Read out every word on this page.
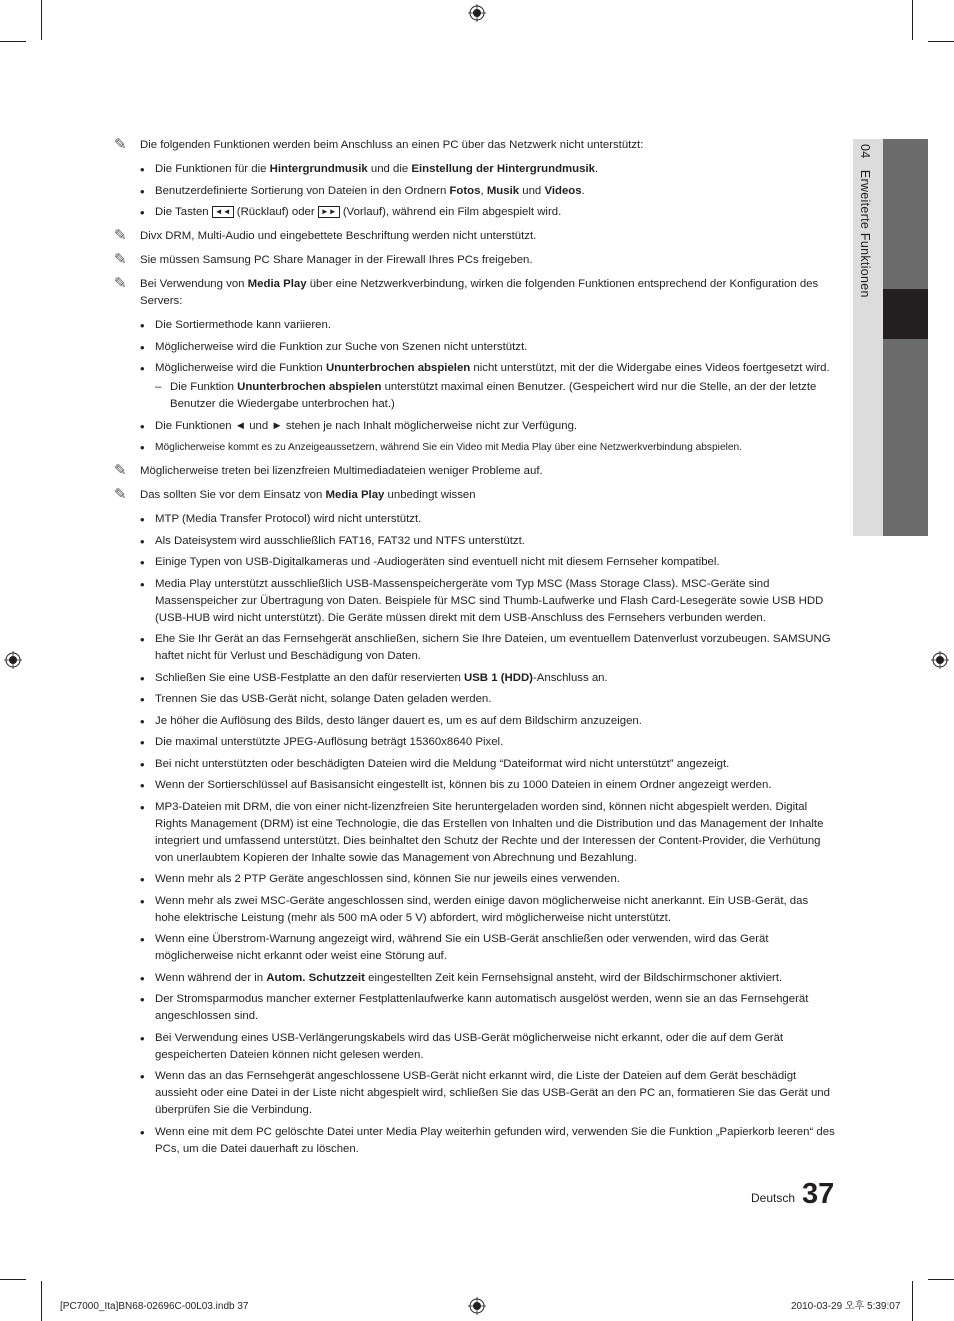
04   Erweiterte Funktionen
✎ Die folgenden Funktionen werden beim Anschluss an einen PC über das Netzwerk nicht unterstützt:
• Die Funktionen für die Hintergrundmusik und die Einstellung der Hintergrundmusik.
• Benutzerdefinierte Sortierung von Dateien in den Ordnern Fotos, Musik und Videos.
• Die Tasten ◄◄ (Rücklauf) oder ►► (Vorlauf), während ein Film abgespielt wird.
✎ Divx DRM, Multi-Audio und eingebettete Beschriftung werden nicht unterstützt.
✎ Sie müssen Samsung PC Share Manager in der Firewall Ihres PCs freigeben.
✎ Bei Verwendung von Media Play über eine Netzwerkverbindung, wirken die folgenden Funktionen entsprechend der Konfiguration des Servers:
• Die Sortiermethode kann variieren.
• Möglicherweise wird die Funktion zur Suche von Szenen nicht unterstützt.
• Möglicherweise wird die Funktion Ununterbrochen abspielen nicht unterstützt, mit der die Widergabe eines Videos foertgesetzt wird.
– Die Funktion Ununterbrochen abspielen unterstützt maximal einen Benutzer. (Gespeichert wird nur die Stelle, an der der letzte Benutzer die Wiedergabe unterbrochen hat.)
• Die Funktionen ◄ und ► stehen je nach Inhalt möglicherweise nicht zur Verfügung.
• Möglicherweise kommt es zu Anzeigeaussetzern, während Sie ein Video mit Media Play über eine Netzwerkverbindung abspielen.
✎ Möglicherweise treten bei lizenzfreien Multimediadateien weniger Probleme auf.
✎ Das sollten Sie vor dem Einsatz von Media Play unbedingt wissen
• MTP (Media Transfer Protocol) wird nicht unterstützt.
• Als Dateisystem wird ausschließlich FAT16, FAT32 und NTFS unterstützt.
• Einige Typen von USB-Digitalkameras und -Audiogeräten sind eventuell nicht mit diesem Fernseher kompatibel.
• Media Play unterstützt ausschließlich USB-Massenspeichergeräte vom Typ MSC (Mass Storage Class). MSC-Geräte sind Massenspeicher zur Übertragung von Daten. Beispiele für MSC sind Thumb-Laufwerke und Flash Card-Lesegeräte sowie USB HDD (USB-HUB wird nicht unterstützt). Die Geräte müssen direkt mit dem USB-Anschluss des Fernsehers verbunden werden.
• Ehe Sie Ihr Gerät an das Fernsehgerät anschließen, sichern Sie Ihre Dateien, um eventuellem Datenverlust vorzubeugen. SAMSUNG haftet nicht für Verlust und Beschädigung von Daten.
• Schließen Sie eine USB-Festplatte an den dafür reservierten USB 1 (HDD)-Anschluss an.
• Trennen Sie das USB-Gerät nicht, solange Daten geladen werden.
• Je höher die Auflösung des Bilds, desto länger dauert es, um es auf dem Bildschirm anzuzeigen.
• Die maximal unterstützte JPEG-Auflösung beträgt 15360x8640 Pixel.
• Bei nicht unterstützten oder beschädigten Dateien wird die Meldung “Dateiformat wird nicht unterstützt” angezeigt.
• Wenn der Sortierschlüssel auf Basisansicht eingestellt ist, können bis zu 1000 Dateien in einem Ordner angezeigt werden.
• MP3-Dateien mit DRM, die von einer nicht-lizenzfreien Site heruntergeladen worden sind, können nicht abgespielt werden. Digital Rights Management (DRM) ist eine Technologie, die das Erstellen von Inhalten und die Distribution und das Management der Inhalte integriert und umfassend unterstützt. Dies beinhaltet den Schutz der Rechte und der Interessen der Content-Provider, die Verhütung von unerlaubtem Kopieren der Inhalte sowie das Management von Abrechnung und Bezahlung.
• Wenn mehr als 2 PTP Geräte angeschlossen sind, können Sie nur jeweils eines verwenden.
• Wenn mehr als zwei MSC-Geräte angeschlossen sind, werden einige davon möglicherweise nicht anerkannt. Ein USB-Gerät, das hohe elektrische Leistung (mehr als 500 mA oder 5 V) abfordert, wird möglicherweise nicht unterstützt.
• Wenn eine Überstrom-Warnung angezeigt wird, während Sie ein USB-Gerät anschließen oder verwenden, wird das Gerät möglicherweise nicht erkannt oder weist eine Störung auf.
• Wenn während der in Autom. Schutzzeit eingestellten Zeit kein Fernsehsignal ansteht, wird der Bildschirmschoner aktiviert.
• Der Stromsparmodus mancher externer Festplattenlaufwerke kann automatisch ausgelöst werden, wenn sie an das Fernsehgerät angeschlossen sind.
• Bei Verwendung eines USB-Verlängerungskabels wird das USB-Gerät möglicherweise nicht erkannt, oder die auf dem Gerät gespeicherten Dateien können nicht gelesen werden.
• Wenn das an das Fernsehgerät angeschlossene USB-Gerät nicht erkannt wird, die Liste der Dateien auf dem Gerät beschädigt aussieht oder eine Datei in der Liste nicht abgespielt wird, schließen Sie das USB-Gerät an den PC an, formatieren Sie das Gerät und überprüfen Sie die Verbindung.
• Wenn eine mit dem PC gelöschte Datei unter Media Play weiterhin gefunden wird, verwenden Sie die Funktion „Papierkorb leeren“ des PCs, um die Datei dauerhaft zu löschen.
Deutsch 37
[PC7000_Ita]BN68-02696C-00L03.indb 37	2010-03-29 오후 5:39:07
